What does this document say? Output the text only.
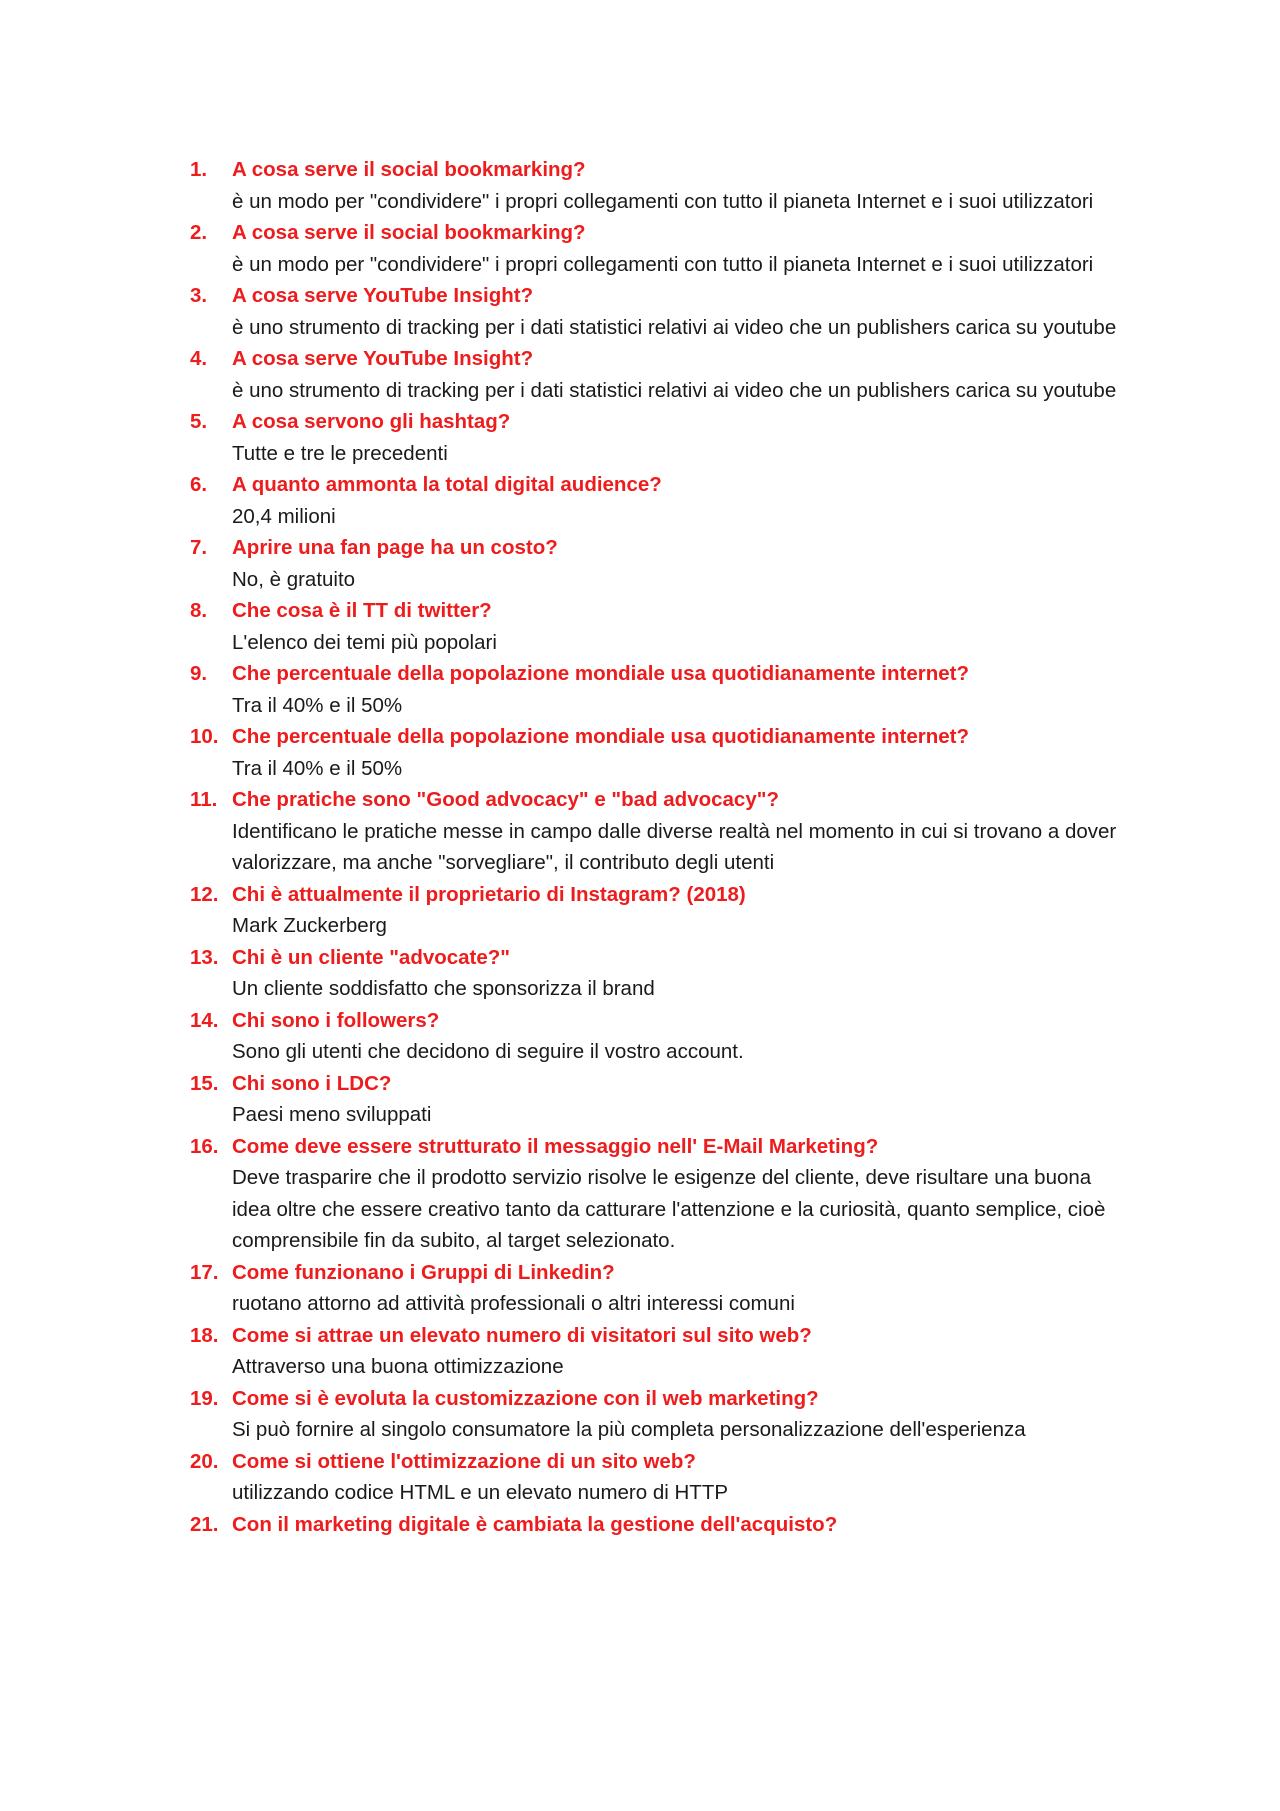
1.	A cosa serve il social bookmarking?
è un modo per "condividere" i propri collegamenti con tutto il pianeta Internet e i suoi utilizzatori
2.	A cosa serve il social bookmarking?
è un modo per "condividere" i propri collegamenti con tutto il pianeta Internet e i suoi utilizzatori
3.	A cosa serve YouTube Insight?
è uno strumento di tracking per i dati statistici relativi ai video che un publishers carica su youtube
4.	A cosa serve YouTube Insight?
è uno strumento di tracking per i dati statistici relativi ai video che un publishers carica su youtube
5.	A cosa servono gli hashtag?
Tutte e tre le precedenti
6.	A quanto ammonta la total digital audience?
20,4 milioni
7.	Aprire una fan page ha un costo?
No, è gratuito
8.	Che cosa è il TT di twitter?
L'elenco dei temi più popolari
9.	Che percentuale della popolazione mondiale usa quotidianamente internet?
Tra il 40% e il 50%
10. Che percentuale della popolazione mondiale usa quotidianamente internet?
Tra il 40% e il 50%
11. Che pratiche sono "Good advocacy" e "bad advocacy"?
Identificano le pratiche messe in campo dalle diverse realtà nel momento in cui si trovano a dover valorizzare, ma anche "sorvegliare", il contributo degli utenti
12. Chi è attualmente il proprietario di Instagram? (2018)
Mark Zuckerberg
13. Chi è un cliente "advocate?"
Un cliente soddisfatto che sponsorizza il brand
14. Chi sono i followers?
Sono gli utenti che decidono di seguire il vostro account.
15. Chi sono i LDC?
Paesi meno sviluppati
16. Come deve essere strutturato il messaggio nell' E-Mail Marketing?
Deve trasparire che il prodotto servizio risolve le esigenze del cliente, deve risultare una buona idea oltre che essere creativo tanto da catturare l'attenzione e la curiosità, quanto semplice, cioè comprensibile fin da subito, al target selezionato.
17. Come funzionano i Gruppi di Linkedin?
ruotano attorno ad attività professionali o altri interessi comuni
18. Come si attrae un elevato numero di visitatori sul sito web?
Attraverso una buona ottimizzazione
19. Come si è evoluta la customizzazione con il web marketing?
Si può fornire al singolo consumatore la più completa personalizzazione dell'esperienza
20. Come si ottiene l'ottimizzazione di un sito web?
utilizzando codice HTML e un elevato numero di HTTP
21. Con il marketing digitale è cambiata la gestione dell'acquisto?
